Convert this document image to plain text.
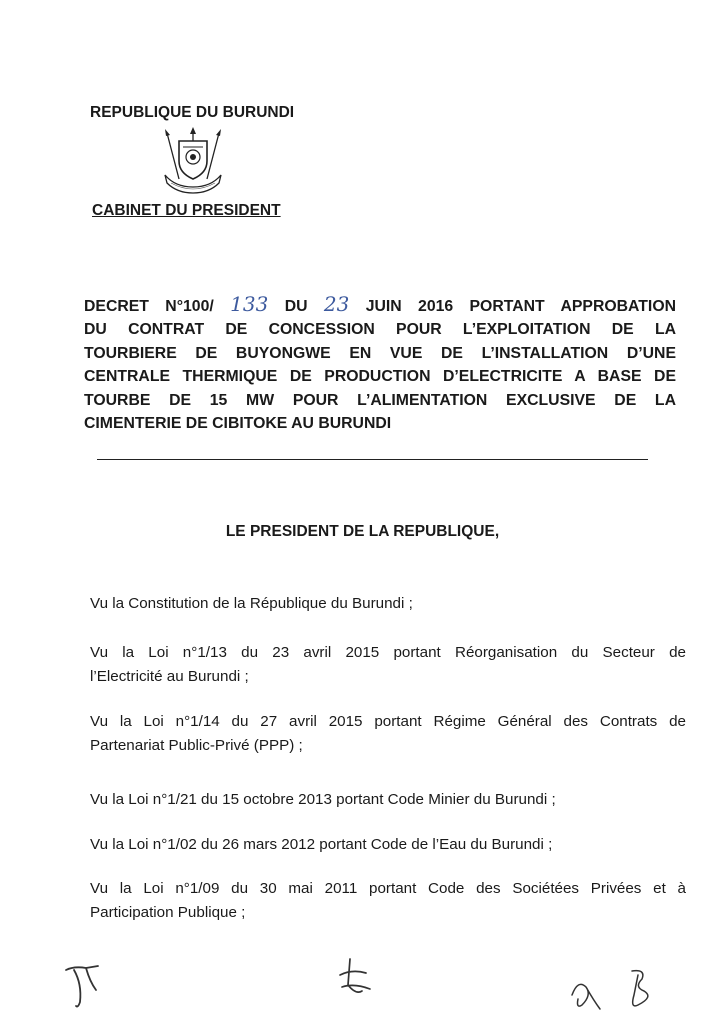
REPUBLIQUE DU BURUNDI
CABINET DU PRESIDENT
DECRET N°100/ 133 DU 23 JUIN 2016 PORTANT APPROBATION
DU CONTRAT DE CONCESSION POUR L’EXPLOITATION DE LA
TOURBIERE DE BUYONGWE EN VUE DE L’INSTALLATION D’UNE
CENTRALE THERMIQUE DE PRODUCTION D’ELECTRICITE A BASE DE
TOURBE DE 15 MW POUR L’ALIMENTATION EXCLUSIVE DE LA
CIMENTERIE DE CIBITOKE AU BURUNDI
LE PRESIDENT DE LA REPUBLIQUE,
Vu la Constitution de la République du Burundi ;
Vu la Loi n°1/13 du 23 avril 2015 portant Réorganisation du Secteur de
l’Electricité au Burundi ;
Vu la Loi n°1/14 du 27 avril 2015 portant Régime Général des Contrats de
Partenariat Public-Privé (PPP) ;
Vu la Loi n°1/21 du 15 octobre 2013 portant Code Minier du Burundi ;
Vu la Loi n°1/02 du 26 mars 2012 portant Code de l’Eau du Burundi ;
Vu la Loi n°1/09 du 30 mai 2011 portant Code des Sociétées Privées et à
Participation Publique ;
